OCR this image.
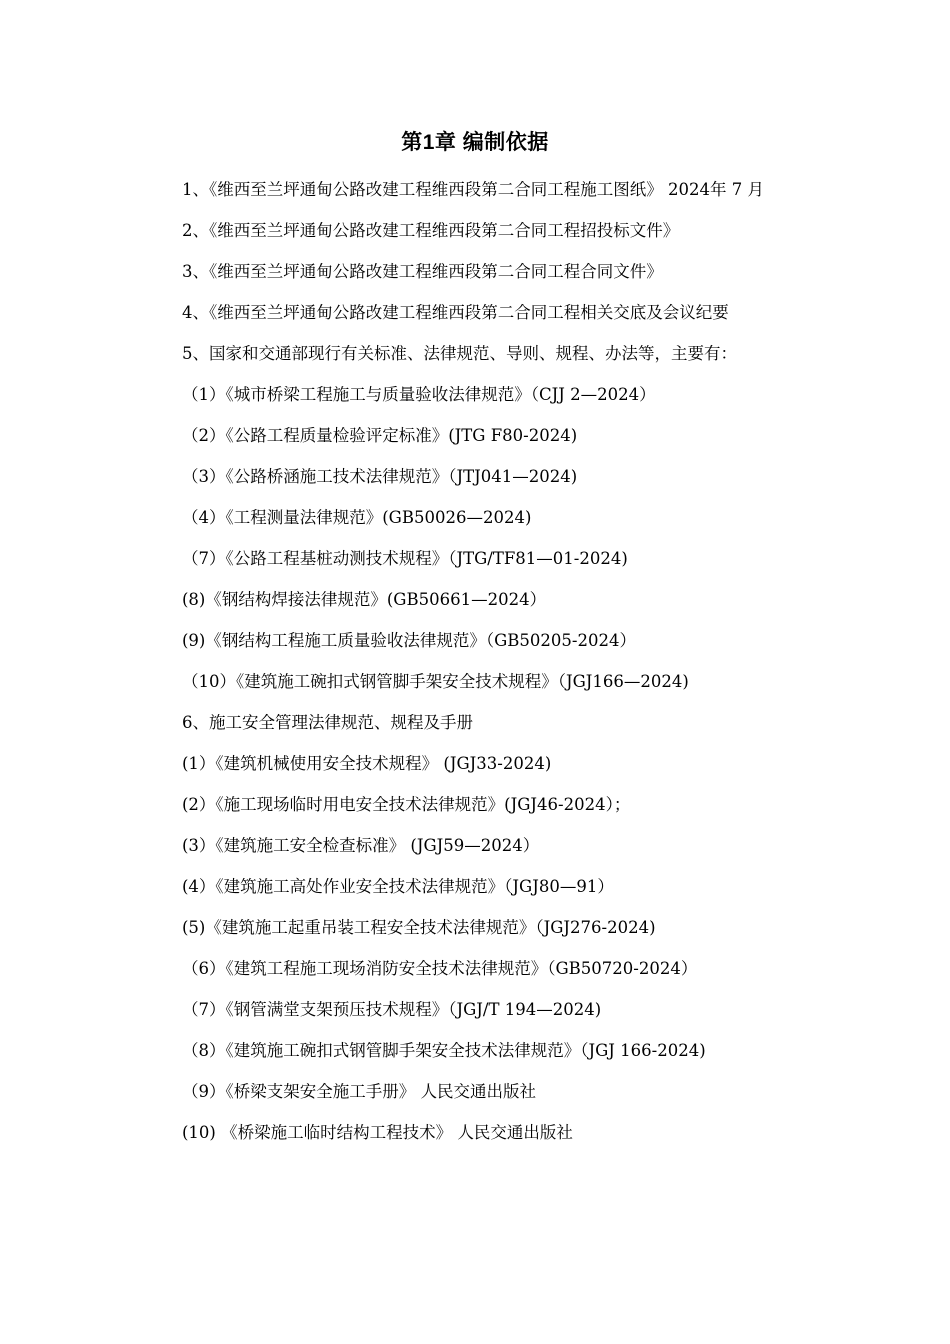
第1章 编制依据

1、《维西至兰坪通甸公路改建工程维西段第二合同工程施工图纸》 2024年 7 月

2、《维西至兰坪通甸公路改建工程维西段第二合同工程招投标文件》

3、《维西至兰坪通甸公路改建工程维西段第二合同工程合同文件》

4、《维西至兰坪通甸公路改建工程维西段第二合同工程相关交底及会议纪要

5、国家和交通部现行有关标准、法律规范、导则、规程、办法等，主要有：

（1）《城市桥梁工程施工与质量验收法律规范》（CJJ 2—2024）

（2）《公路工程质量检验评定标准》(JTG F80-2024)

（3）《公路桥涵施工技术法律规范》（JTJ041—2024)

（4）《工程测量法律规范》(GB50026—2024)

（7）《公路工程基桩动测技术规程》（JTG/TF81—01-2024)

(8)《钢结构焊接法律规范》(GB50661—2024）

(9)《钢结构工程施工质量验收法律规范》（GB50205-2024）

（10）《建筑施工碗扣式钢管脚手架安全技术规程》（JGJ166—2024)

6、施工安全管理法律规范、规程及手册

(1）《建筑机械使用安全技术规程》 (JGJ33-2024)

(2）《施工现场临时用电安全技术法律规范》(JGJ46-2024）；

(3）《建筑施工安全检查标准》 (JGJ59—2024）

(4）《建筑施工高处作业安全技术法律规范》（JGJ80—91）

(5)《建筑施工起重吊装工程安全技术法律规范》（JGJ276-2024)

（6）《建筑工程施工现场消防安全技术法律规范》（GB50720-2024）

（7）《钢管满堂支架预压技术规程》（JGJ/T 194—2024)

（8）《建筑施工碗扣式钢管脚手架安全技术法律规范》（JGJ 166-2024)

（9）《桥梁支架安全施工手册》 人民交通出版社

(10) 《桥梁施工临时结构工程技术》 人民交通出版社
